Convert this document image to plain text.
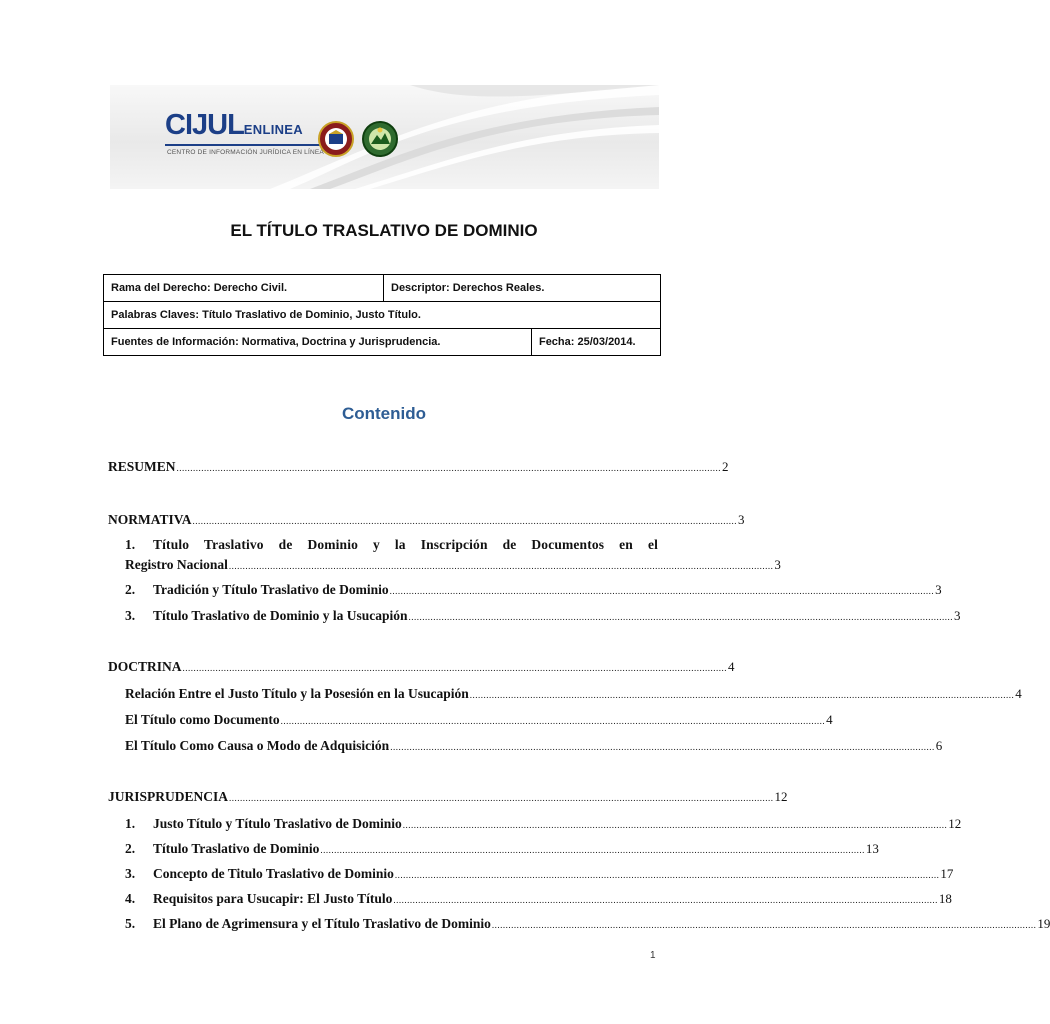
CIJULENLINEA
CENTRO DE INFORMACIÓN JURÍDICA EN LÍNEA
EL TÍTULO TRASLATIVO DE DOMINIO
Rama del Derecho: Derecho Civil.	Descriptor: Derechos Reales.	
Palabras Claves: Título Traslativo de Dominio, Justo Título.		
Fuentes de Información: Normativa, Doctrina y Jurisprudencia.		Fecha: 25/03/2014.
Contenido
RESUMEN ...................................................................................................................................................................................................... 2
NORMATIVA ...................................................................................................................................................................................................... 3
1.	Título Traslativo de Dominio y la Inscripción de Documentos en el
Registro Nacional ...................................................................................................................................................................................................... 3
2.	Tradición y Título Traslativo de Dominio ...................................................................................................................................................................................................... 3
3.	Título Traslativo de Dominio y la Usucapión ...................................................................................................................................................................................................... 3
DOCTRINA ...................................................................................................................................................................................................... 4
Relación Entre el Justo Título y la Posesión en la Usucapión ...................................................................................................................................................................................................... 4
El Título como Documento ...................................................................................................................................................................................................... 4
El Título Como Causa o Modo de Adquisición ...................................................................................................................................................................................................... 6
JURISPRUDENCIA ...................................................................................................................................................................................................... 12
1.	Justo Título y Título Traslativo de Dominio ...................................................................................................................................................................................................... 12
2.	Título Traslativo de Dominio ...................................................................................................................................................................................................... 13
3.	Concepto de Titulo Traslativo de Dominio ...................................................................................................................................................................................................... 17
4.	Requisitos para Usucapir: El Justo Título ...................................................................................................................................................................................................... 18
5.	El Plano de Agrimensura y el Título Traslativo de Dominio ...................................................................................................................................................................................................... 19
1
